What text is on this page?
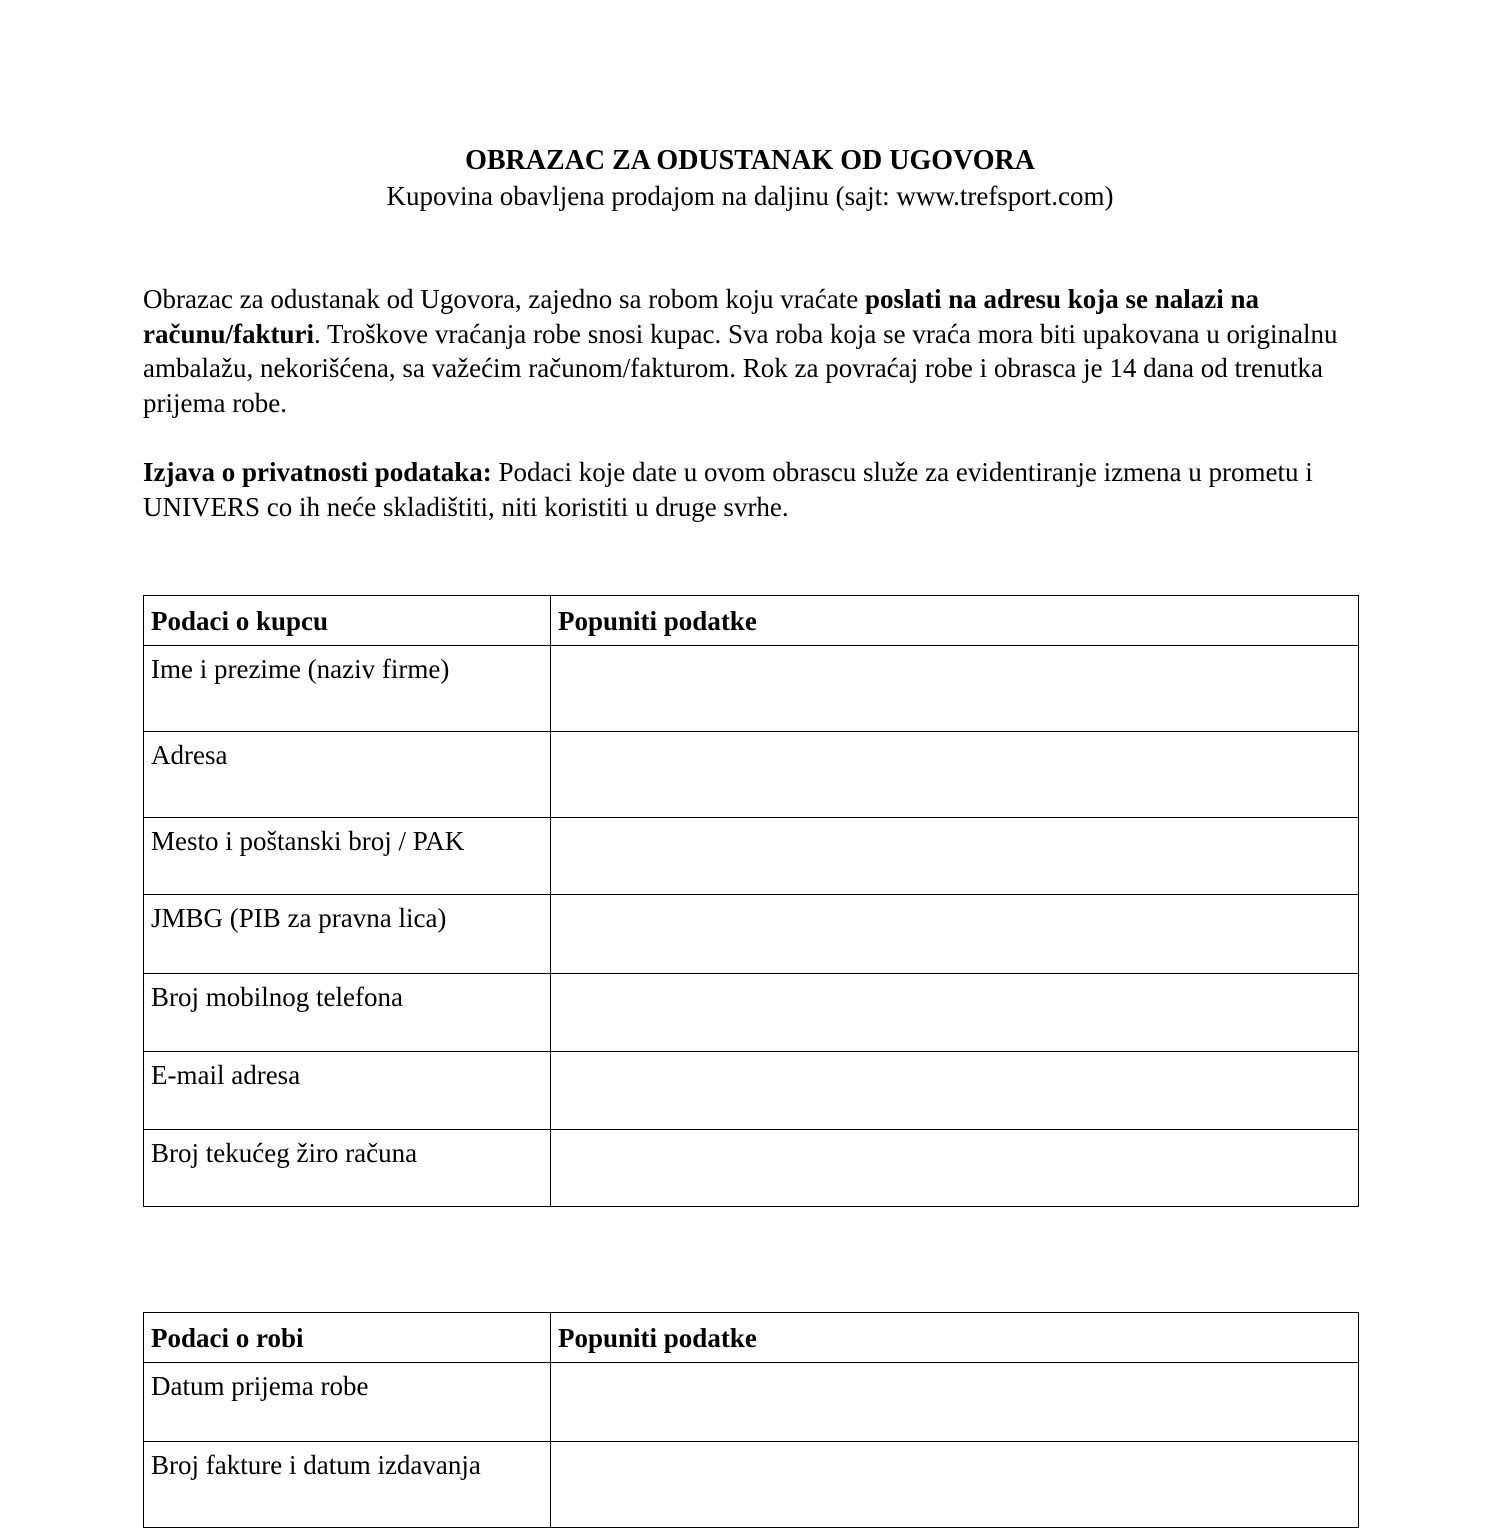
OBRAZAC ZA ODUSTANAK OD UGOVORA
Kupovina obavljena prodajom na daljinu (sajt: www.trefsport.com)

Obrazac za odustanak od Ugovora, zajedno sa robom koju vraćate poslati na adresu koja se nalazi na računu/fakturi. Troškove vraćanja robe snosi kupac. Sva roba koja se vraća mora biti upakovana u originalnu ambalažu, nekorišćena, sa važećim računom/fakturom. Rok za povraćaj robe i obrasca je 14 dana od trenutka prijema robe.

Izjava o privatnosti podataka: Podaci koje date u ovom obrascu služe za evidentiranje izmena u prometu i UNIVERS co ih neće skladištiti, niti koristiti u druge svrhe.

Podaci o kupcu	Popuniti podatke
Ime i prezime (naziv firme)	
Adresa	
Mesto i poštanski broj / PAK	
JMBG (PIB za pravna lica)	
Broj mobilnog telefona	
E-mail adresa	
Broj tekućeg žiro računa	
Podaci o robi	Popuniti podatke
Datum prijema robe	
Broj fakture i datum izdavanja	
